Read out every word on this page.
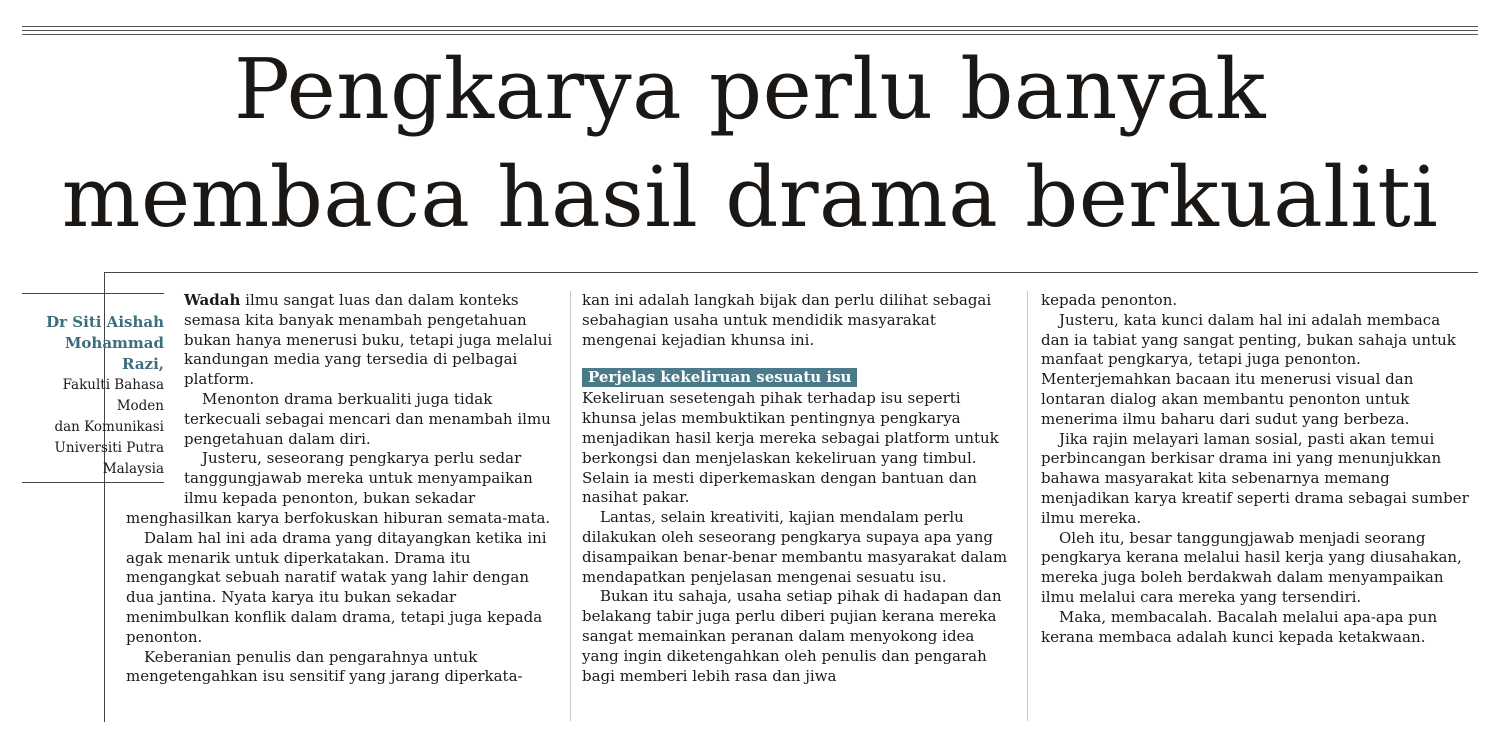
Pengkarya perlu banyak
membaca hasil drama berkualiti
Dr Siti Aishah
Mohammad
Razi,
Fakulti Bahasa
Moden
dan Komunikasi
Universiti Putra
Malaysia

Wadah ilmu sangat luas dan dalam konteks semasa kita banyak menambah pengetahuan bukan hanya menerusi buku, tetapi juga melalui kandungan media yang tersedia di pelbagai platform.

Menonton drama berkualiti juga tidak terkecuali sebagai mencari dan menambah ilmu pengetahuan dalam diri.

Justeru, seseorang pengkarya perlu sedar tanggungjawab mereka untuk menyampaikan ilmu kepada penonton, bukan sekadar

menghasilkan karya berfokuskan hiburan semata-mata.

Dalam hal ini ada drama yang ditayangkan ketika ini agak menarik untuk diperkatakan. Drama itu mengangkat sebuah naratif watak yang lahir dengan dua jantina. Nyata karya itu bukan sekadar menimbulkan konflik dalam drama, tetapi juga kepada penonton.

Keberanian penulis dan pengarahnya untuk mengetengahkan isu sensitif yang jarang diperkata-

kan ini adalah langkah bijak dan perlu dilihat sebagai sebahagian usaha untuk mendidik masyarakat mengenai kejadian khunsa ini.

Perjelas kekeliruan sesuatu isu

Kekeliruan sesetengah pihak terhadap isu seperti khunsa jelas membuktikan pentingnya pengkarya menjadikan hasil kerja mereka sebagai platform untuk berkongsi dan menjelaskan kekeliruan yang timbul. Selain ia mesti diperkemaskan dengan bantuan dan nasihat pakar.

Lantas, selain kreativiti, kajian mendalam perlu dilakukan oleh seseorang pengkarya supaya apa yang disampaikan benar-benar membantu masyarakat dalam mendapatkan penjelasan mengenai sesuatu isu.

Bukan itu sahaja, usaha setiap pihak di hadapan dan belakang tabir juga perlu diberi pujian kerana mereka sangat memainkan peranan dalam menyokong idea yang ingin diketengahkan oleh penulis dan pengarah bagi memberi lebih rasa dan jiwa

kepada penonton.

Justeru, kata kunci dalam hal ini adalah membaca dan ia tabiat yang sangat penting, bukan sahaja untuk manfaat pengkarya, tetapi juga penonton. Menterjemahkan bacaan itu menerusi visual dan lontaran dialog akan membantu penonton untuk menerima ilmu baharu dari sudut yang berbeza.

Jika rajin melayari laman sosial, pasti akan temui perbincangan berkisar drama ini yang menunjukkan bahawa masyarakat kita sebenarnya memang menjadikan karya kreatif seperti drama sebagai sumber ilmu mereka.

Oleh itu, besar tanggungjawab menjadi seorang pengkarya kerana melalui hasil kerja yang diusahakan, mereka juga boleh berdakwah dalam menyampaikan ilmu melalui cara mereka yang tersendiri.

Maka, membacalah. Bacalah melalui apa-apa pun kerana membaca adalah kunci kepada ketakwaan.
